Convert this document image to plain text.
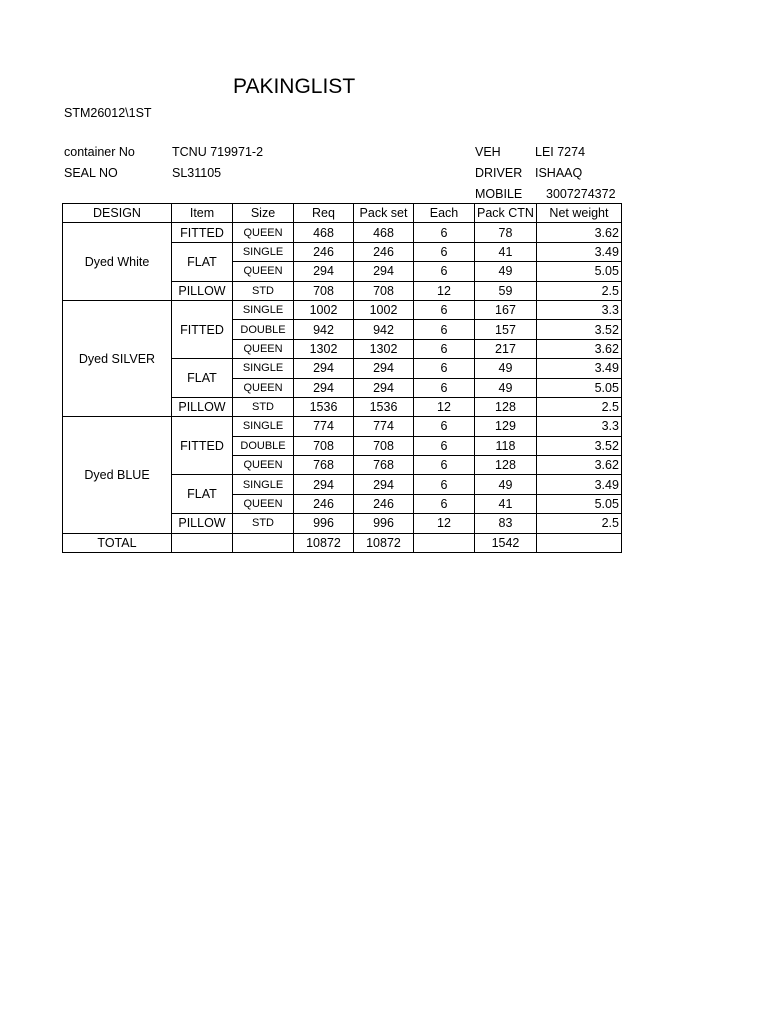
PAKINGLIST
STM26012\1ST
container No	TCNU 719971-2
SEAL NO	SL31105
VEH	LEI 7274
DRIVER ISHAAQ
MOBILE 3007274372
DESIGN	Item	Size	Req	Pack set	Each	Pack CTN	Net weight
Dyed White	FITTED	QUEEN	468	468	6	78	3.62
	FLAT	SINGLE	246	246	6	41	3.49
		QUEEN	294	294	6	49	5.05
	PILLOW	STD	708	708	12	59	2.5
Dyed SILVER	FITTED	SINGLE	1002	1002	6	167	3.3
		DOUBLE	942	942	6	157	3.52
		QUEEN	1302	1302	6	217	3.62
	FLAT	SINGLE	294	294	6	49	3.49
		QUEEN	294	294	6	49	5.05
	PILLOW	STD	1536	1536	12	128	2.5
Dyed BLUE	FITTED	SINGLE	774	774	6	129	3.3
		DOUBLE	708	708	6	118	3.52
		QUEEN	768	768	6	128	3.62
	FLAT	SINGLE	294	294	6	49	3.49
		QUEEN	246	246	6	41	5.05
	PILLOW	STD	996	996	12	83	2.5
TOTAL			10872	10872		1542	
